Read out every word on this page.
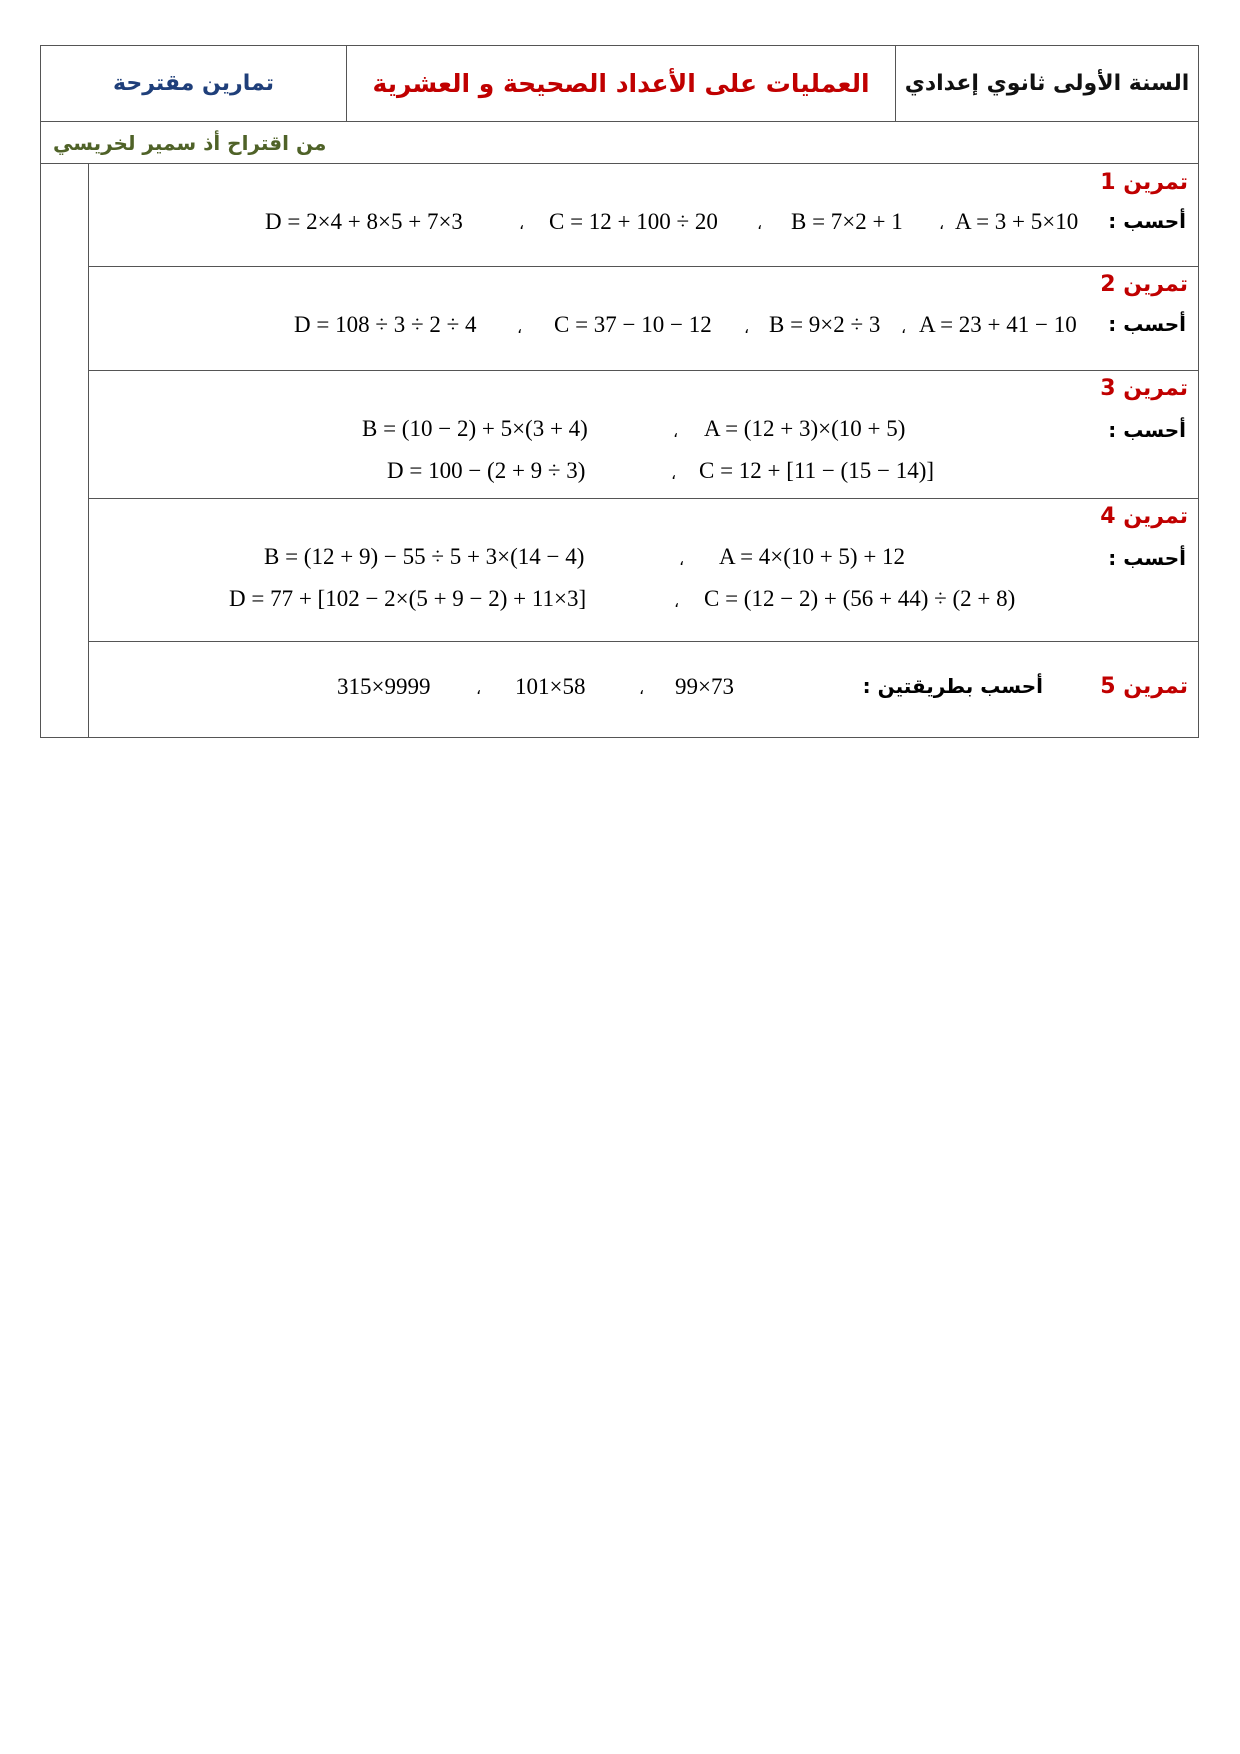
تمارين مقترحة	العمليات على الأعداد الصحيحة و العشرية	السنة الأولى ثانوي إعدادي
من اقتراح أذ سمير لخريسي
تمرين 1
أحسب :
A = 3 + 5×10
،
B = 7×2 + 1
،
C = 12 + 100 ÷ 20
،
D = 2×4 + 8×5 + 7×3
تمرين 2
أحسب :
A = 23 + 41 − 10
،
B = 9×2 ÷ 3
،
C = 37 − 10 − 12
،
D = 108 ÷ 3 ÷ 2 ÷ 4
تمرين 3
أحسب :
A = (12 + 3)×(10 + 5)
،
B = (10 − 2) + 5×(3 + 4)
C = 12 + [11 − (15 − 14)]
،
D = 100 − (2 + 9 ÷ 3)
تمرين 4
أحسب :
A = 4×(10 + 5) + 12
،
B = (12 + 9) − 55 ÷ 5 + 3×(14 − 4)
C = (12 − 2) + (56 + 44) ÷ (2 + 8)
،
D = 77 + [102 − 2×(5 + 9 − 2) + 11×3]
تمرين 5
أحسب بطريقتين :
99×73
،
101×58
،
315×9999
